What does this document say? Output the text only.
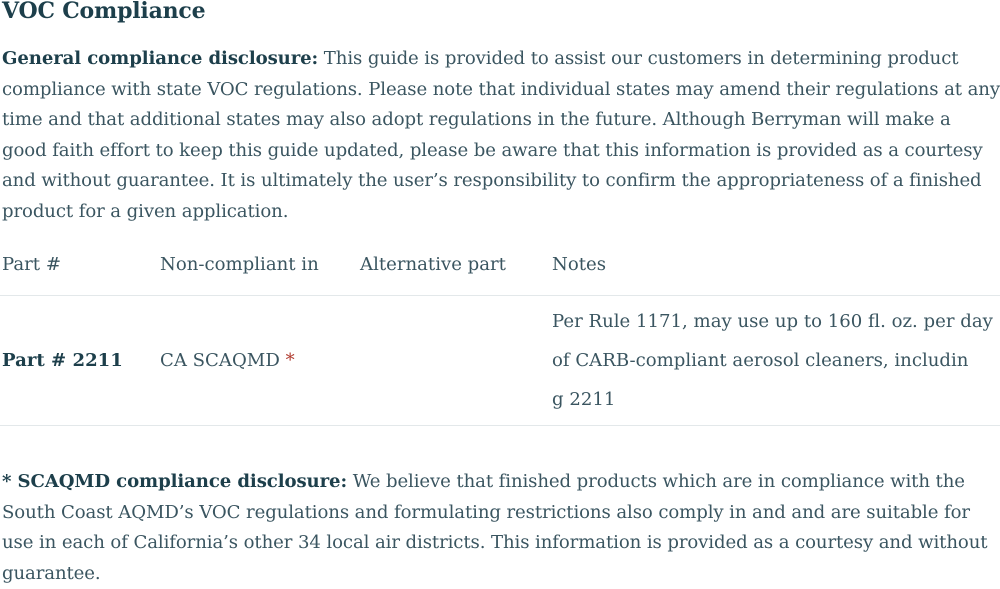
VOC Compliance

General compliance disclosure: This guide is provided to assist our customers in determining product compliance with state VOC regulations. Please note that individual states may amend their regulations at any time and that additional states may also adopt regulations in the future. Although Berryman will make a good faith effort to keep this guide updated, please be aware that this information is provided as a courtesy and without guarantee. It is ultimately the user’s responsibility to confirm the appropriateness of a finished product for a given application.

Part #	Non-compliant in	Alternative part	Notes
Part # 2211	CA SCAQMD *		Per Rule 1171, may use up to 160 fl. oz. per day
of CARB-compliant aerosol cleaners, includin
g 2211

* SCAQMD compliance disclosure: We believe that finished products which are in compliance with the South Coast AQMD’s VOC regulations and formulating restrictions also comply in and and are suitable for use in each of California’s other 34 local air districts. This information is provided as a courtesy and without guarantee.
